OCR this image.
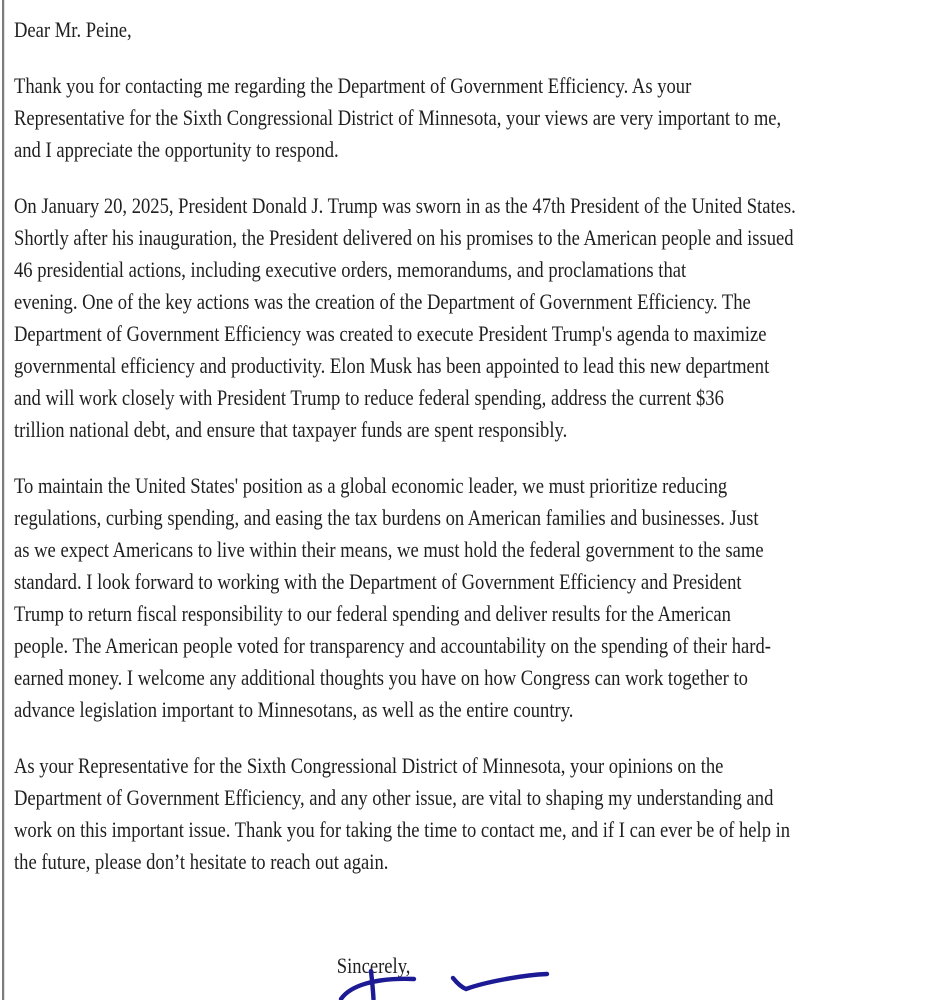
Dear Mr. Peine,
Thank you for contacting me regarding the Department of Government Efficiency. As your
Representative for the Sixth Congressional District of Minnesota, your views are very important to me,
and I appreciate the opportunity to respond.
On January 20, 2025, President Donald J. Trump was sworn in as the 47th President of the United States.
Shortly after his inauguration, the President delivered on his promises to the American people and issued
46 presidential actions, including executive orders, memorandums, and proclamations that
evening. One of the key actions was the creation of the Department of Government Efficiency. The
Department of Government Efficiency was created to execute President Trump's agenda to maximize
governmental efficiency and productivity. Elon Musk has been appointed to lead this new department
and will work closely with President Trump to reduce federal spending, address the current $36
trillion national debt, and ensure that taxpayer funds are spent responsibly.
To maintain the United States' position as a global economic leader, we must prioritize reducing
regulations, curbing spending, and easing the tax burdens on American families and businesses. Just
as we expect Americans to live within their means, we must hold the federal government to the same
standard. I look forward to working with the Department of Government Efficiency and President
Trump to return fiscal responsibility to our federal spending and deliver results for the American
people. The American people voted for transparency and accountability on the spending of their hard-
earned money. I welcome any additional thoughts you have on how Congress can work together to
advance legislation important to Minnesotans, as well as the entire country.
As your Representative for the Sixth Congressional District of Minnesota, your opinions on the
Department of Government Efficiency, and any other issue, are vital to shaping my understanding and
work on this important issue. Thank you for taking the time to contact me, and if I can ever be of help in
the future, please don’t hesitate to reach out again.
Sincerely,
